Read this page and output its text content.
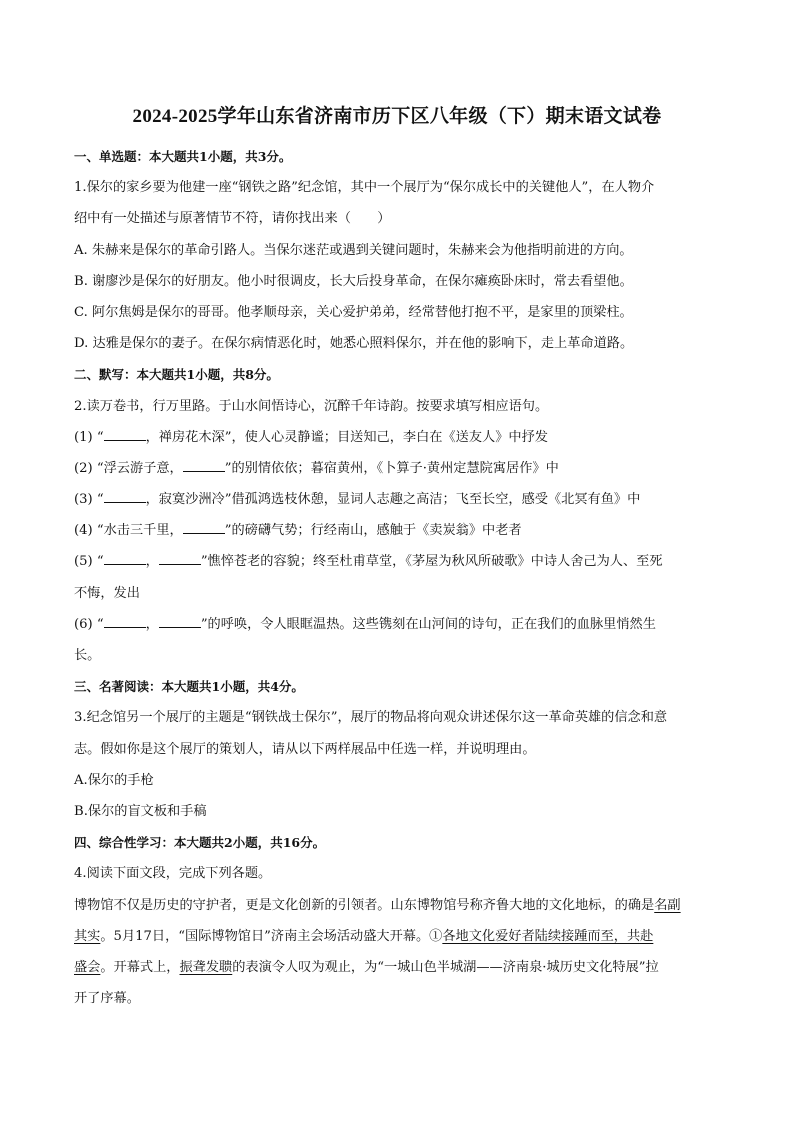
2024-2025学年山东省济南市历下区八年级（下）期末语文试卷
一、单选题：本大题共1小题，共3分。
1.保尔的家乡要为他建一座“钢铁之路”纪念馆，其中一个展厅为“保尔成长中的关键他人”，在人物介
绍中有一处描述与原著情节不符，请你找出来（　　）
A. 朱赫来是保尔的革命引路人。当保尔迷茫或遇到关键问题时，朱赫来会为他指明前进的方向。
B. 谢廖沙是保尔的好朋友。他小时很调皮，长大后投身革命，在保尔瘫痪卧床时，常去看望他。
C. 阿尔焦姆是保尔的哥哥。他孝顺母亲，关心爱护弟弟，经常替他打抱不平，是家里的顶梁柱。
D. 达雅是保尔的妻子。在保尔病情恶化时，她悉心照料保尔，并在他的影响下，走上革命道路。
二、默写：本大题共1小题，共8分。
2.读万卷书，行万里路。于山水间悟诗心，沉醉千年诗韵。按要求填写相应语句。
(1) “	，禅房花木深”，使人心灵静谧；目送知己，李白在《送友人》中抒发
(2) “浮云游子意，	”的别情依依；暮宿黄州，《卜算子·黄州定慧院寓居作》中
(3) “	，寂寞沙洲冷”借孤鸿选枝休憩，显词人志趣之高洁；飞至长空，感受《北冥有鱼》中
(4) “水击三千里，	”的磅礴气势；行经南山，感触于《卖炭翁》中老者
(5) “	，	”憔悴苍老的容貌；终至杜甫草堂，《茅屋为秋风所破歌》中诗人舍己为人、至死
不悔，发出
(6) “	，	”的呼唤，令人眼眶温热。这些镌刻在山河间的诗句，正在我们的血脉里悄然生
长。
三、名著阅读：本大题共1小题，共4分。
3.纪念馆另一个展厅的主题是“钢铁战士保尔”，展厅的物品将向观众讲述保尔这一革命英雄的信念和意
志。假如你是这个展厅的策划人，请从以下两样展品中任选一样，并说明理由。
A.保尔的手枪
B.保尔的盲文板和手稿
四、综合性学习：本大题共2小题，共16分。
4.阅读下面文段，完成下列各题。
博物馆不仅是历史的守护者，更是文化创新的引领者。山东博物馆号称齐鲁大地的文化地标，的确是名副
其实。5月17日，“国际博物馆日”济南主会场活动盛大开幕。①各地文化爱好者陆续接踵而至，共赴
盛会。开幕式上，振聋发聩的表演令人叹为观止，为“一城山色半城湖——济南泉·城历史文化特展”拉
开了序幕。
